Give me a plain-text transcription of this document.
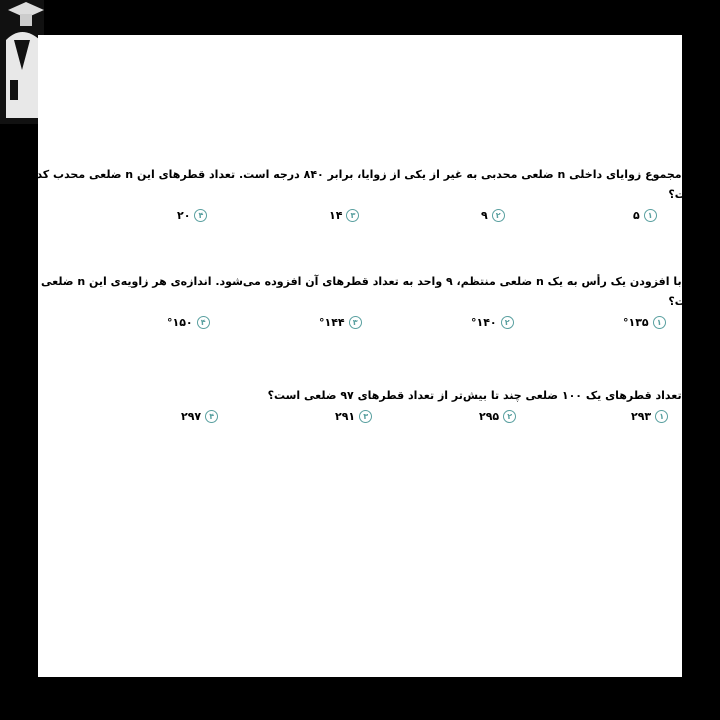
۳-مجموع زوایای داخلی n ضلعی محدبی به غیر از یکی از زوایا، برابر ۸۴۰ درجه است. تعداد قطرهای این n ضلعی محدب کدام
است؟
۱
۵
۲
۹
۳
۱۴
۴
۲۰
۴-با افزودن یک رأس به یک n ضلعی منتظم، ۹ واحد به تعداد قطرهای آن افزوده می‌شود. اندازه‌ی هر زاویه‌ی این n ضلعی کدام
است؟
۱
°۱۳۵
۲
°۱۴۰
۳
°۱۴۴
۴
°۱۵۰
۵-تعداد قطرهای یک ۱۰۰ ضلعی چند تا بیش‌تر از تعداد قطرهای ۹۷ ضلعی است؟
۱
۲۹۳
۲
۲۹۵
۳
۲۹۱
۴
۲۹۷
